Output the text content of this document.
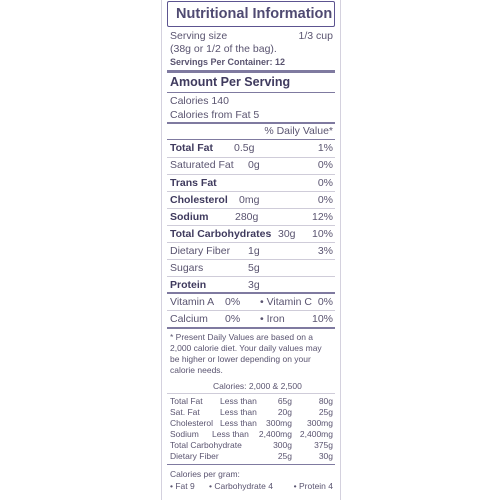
Nutritional Information
Serving size	1/3 cup
(38g or 1/2 of the bag).
Servings Per Container: 12
Amount Per Serving
Calories 140
Calories from Fat 5
% Daily Value*
Total Fat 0.5g	1%
Saturated Fat 0g	0%
Trans Fat	0%
Cholesterol 0mg	0%
Sodium	280g	12%
Total Carbohydrates 30g 10%
Dietary Fiber 1g	3%
Sugars	5g
Protein	3g
Vitamin A 0% • Vitamin C 0%
Calcium 0% • Iron	10%
* Present Daily Values are based on a
2,000 calorie diet. Your daily values may
be higher or lower depending on your
calorie needs.
Calories: 2,000 & 2,500
Total Fat Less than 65g	80g
Sat. Fat Less than 20g	25g
Cholesterol Less than 300mg 300mg
Sodium Less than 2,400mg 2,400mg
Total Carbohydrate	300g	375g
Dietary Fiber	25g	30g
Calories per gram:
• Fat 9 • Carbohydrate 4 • Protein 4
